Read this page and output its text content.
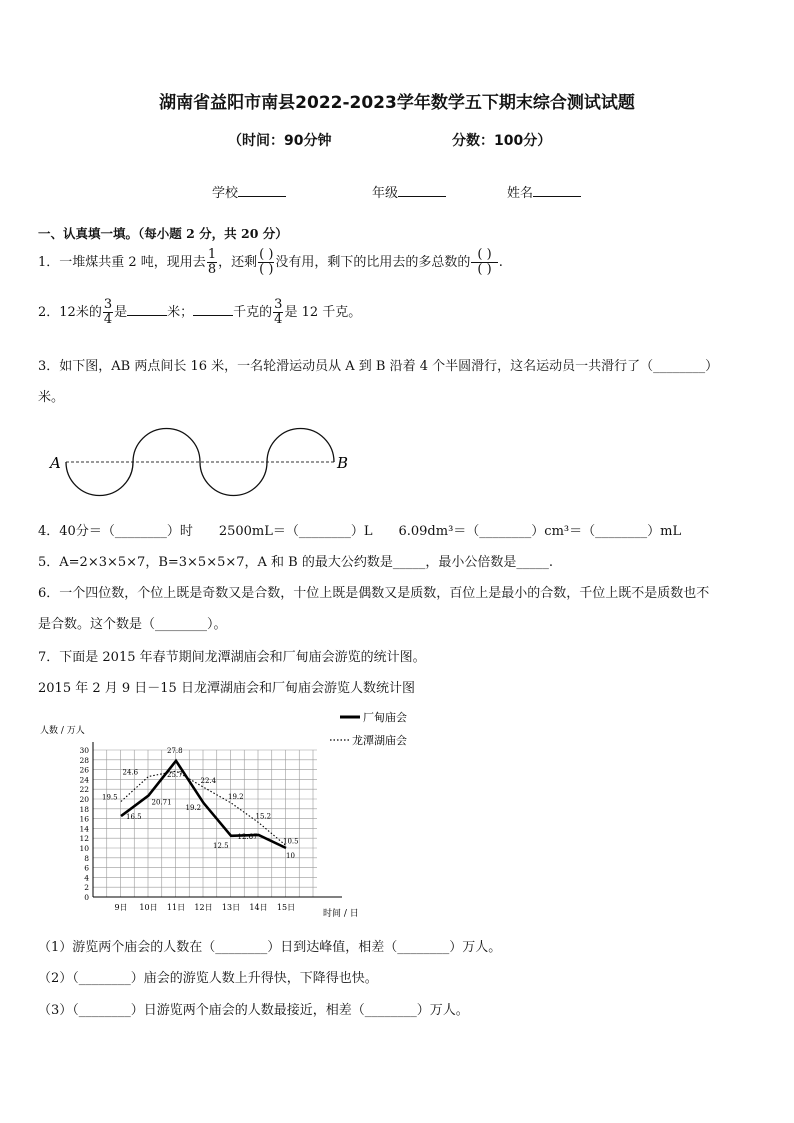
湖南省益阳市南县2022-2023学年数学五下期末综合测试试题
（时间：90分钟	分数：100分）
学校	年级	姓名
一、认真填一填。（每小题 2 分，共 20 分）
1．一堆煤共重 2 吨，现用去 $\frac{1}{8}$ ，还剩 $\frac{( )}{( )}$ 没有用，剩下的比用去的多总数的 $\frac{( )}{( )}$ .
2．12米的 $\frac{3}{4}$ 是	米；	千克的 $\frac{3}{4}$ 是 12 千克。
3．如下图，AB 两点间长 16 米，一名轮滑运动员从 A 到 B 沿着 4 个半圆滑行，这名运动员一共滑行了（________）
米。
A	B
4．40分＝（________）时　　2500mL＝（________）L　　6.09dm³＝（________）cm³＝（________）mL
5．A=2×3×5×7，B=3×5×5×7，A 和 B 的最大公约数是_____，最小公倍数是_____.
6．一个四位数，个位上既是奇数又是合数，十位上既是偶数又是质数，百位上是最小的合数，千位上既不是质数也不
是合数。这个数是（________）。
7．下面是 2015 年春节期间龙潭湖庙会和厂甸庙会游览的统计图。
2015 年 2 月 9 日－15 日龙潭湖庙会和厂甸庙会游览人数统计图
0
2
4
6
8
10
12
14
16
18
20
22
24
26
28
30
9日 10日 11日 12日 13日 14日 15日
16.5
20.71
27.8
19.2
12.5
12.67
10
19.5
24.6	25.7
22.4
19.2
15.2
10.5
人数 / 万人
时间 / 日
厂甸庙会
龙潭湖庙会
（1）游览两个庙会的人数在（________）日到达峰值，相差（________）万人。
（2）（________）庙会的游览人数上升得快，下降得也快。
（3）（________）日游览两个庙会的人数最接近，相差（________）万人。
